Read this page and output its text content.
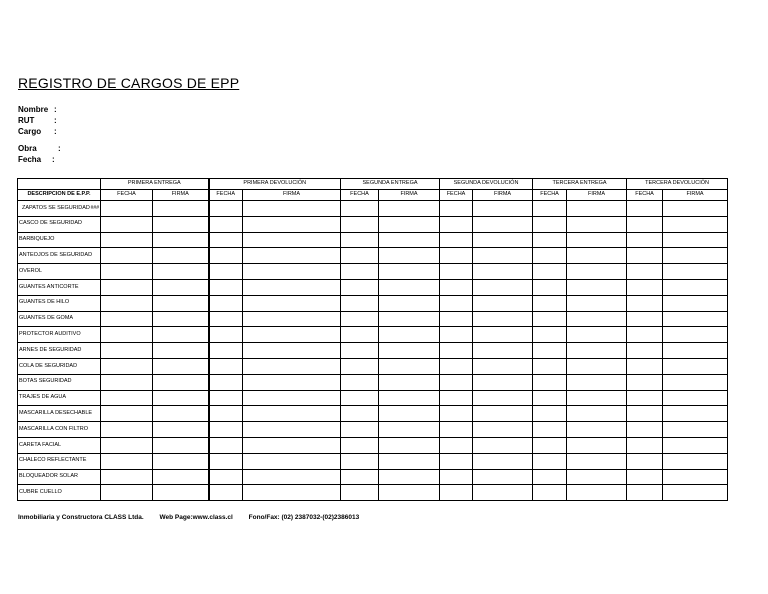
REGISTRO DE CARGOS DE EPP
Nombre :
RUT :
Cargo :
Obra	:
Fecha :
	PRIMERA ENTREGA		PRIMERA DEVOLUCIÓN		SEGUNDA ENTREGA		SEGUNDA DEVOLUCIÓN		TERCERA ENTREGA		TERCERA DEVOLUCIÓN	
DESCRIPCION DE E.P.P.	FECHA	FIRMA	FECHA	FIRMA	FECHA	FIRMA	FECHA	FIRMA	FECHA	FIRMA	FECHA	FIRMA
ZAPATOS SE SEGURIDAD ###												

CASCO DE SEGURIDAD												
BARBIQUEJO												
ANTEOJOS DE SEGURIDAD												
OVEROL												
GUANTES ANTICORTE												
GUANTES DE HILO												
GUANTES DE GOMA												
PROTECTOR AUDITIVO												
ARNES DE SEGURIDAD												
COLA DE SEGURIDAD												
BOTAS SEGURIDAD												
TRAJES DE AGUA												
MASCARILLA DESECHABLE												
MASCARILLA CON FILTRO												
CARETA FACIAL												
CHALECO REFLECTANTE												
BLOQUEADOR SOLAR												
CUBRE CUELLO												
Inmobiliaria y Constructora CLASS Ltda. Web Page:www.class.cl Fono/Fax: (02) 2387032-(02)2386013
